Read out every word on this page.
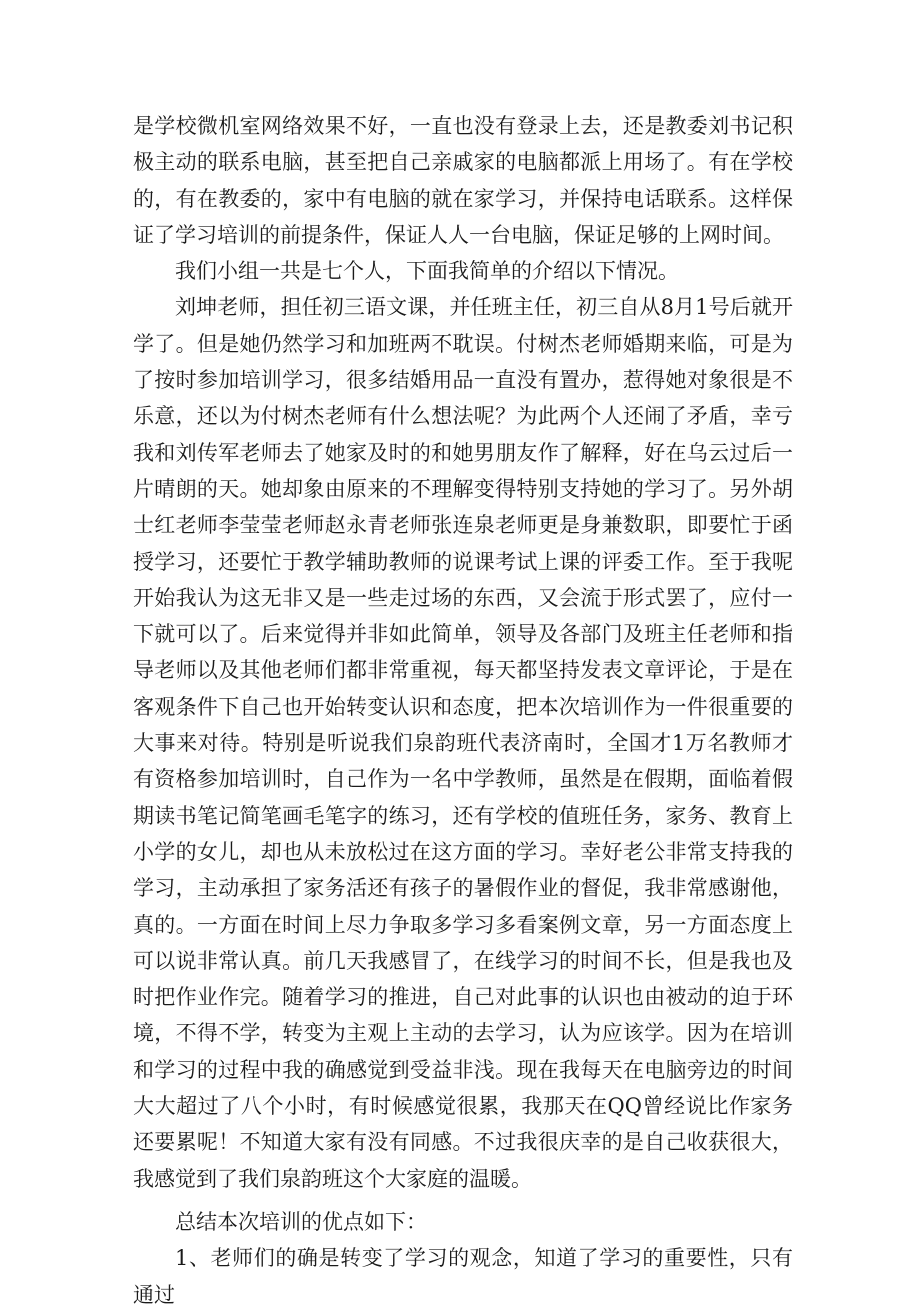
是学校微机室网络效果不好，一直也没有登录上去，还是教委刘书记积极主动的联系电脑，甚至把自己亲戚家的电脑都派上用场了。有在学校的，有在教委的，家中有电脑的就在家学习，并保持电话联系。这样保证了学习培训的前提条件，保证人人一台电脑，保证足够的上网时间。

我们小组一共是七个人，下面我简单的介绍以下情况。

刘坤老师，担任初三语文课，并任班主任，初三自从8月1号后就开学了。但是她仍然学习和加班两不耽误。付树杰老师婚期来临，可是为了按时参加培训学习，很多结婚用品一直没有置办，惹得她对象很是不乐意，还以为付树杰老师有什么想法呢？为此两个人还闹了矛盾，幸亏我和刘传军老师去了她家及时的和她男朋友作了解释，好在乌云过后一片晴朗的天。她却象由原来的不理解变得特别支持她的学习了。另外胡士红老师李莹莹老师赵永青老师张连泉老师更是身兼数职，即要忙于函授学习，还要忙于教学辅助教师的说课考试上课的评委工作。至于我呢开始我认为这无非又是一些走过场的东西，又会流于形式罢了，应付一下就可以了。后来觉得并非如此简单，领导及各部门及班主任老师和指导老师以及其他老师们都非常重视，每天都坚持发表文章评论，于是在客观条件下自己也开始转变认识和态度，把本次培训作为一件很重要的大事来对待。特别是听说我们泉韵班代表济南时，全国才1万名教师才有资格参加培训时，自己作为一名中学教师，虽然是在假期，面临着假期读书笔记简笔画毛笔字的练习，还有学校的值班任务，家务、教育上小学的女儿，却也从未放松过在这方面的学习。幸好老公非常支持我的学习，主动承担了家务活还有孩子的暑假作业的督促，我非常感谢他，真的。一方面在时间上尽力争取多学习多看案例文章，另一方面态度上可以说非常认真。前几天我感冒了，在线学习的时间不长，但是我也及时把作业作完。随着学习的推进，自己对此事的认识也由被动的迫于环境，不得不学，转变为主观上主动的去学习，认为应该学。因为在培训和学习的过程中我的确感觉到受益非浅。现在我每天在电脑旁边的时间大大超过了八个小时，有时候感觉很累，我那天在QQ曾经说比作家务还要累呢！不知道大家有没有同感。不过我很庆幸的是自己收获很大，我感觉到了我们泉韵班这个大家庭的温暖。

总结本次培训的优点如下：

1、老师们的确是转变了学习的观念，知道了学习的重要性，只有通过
